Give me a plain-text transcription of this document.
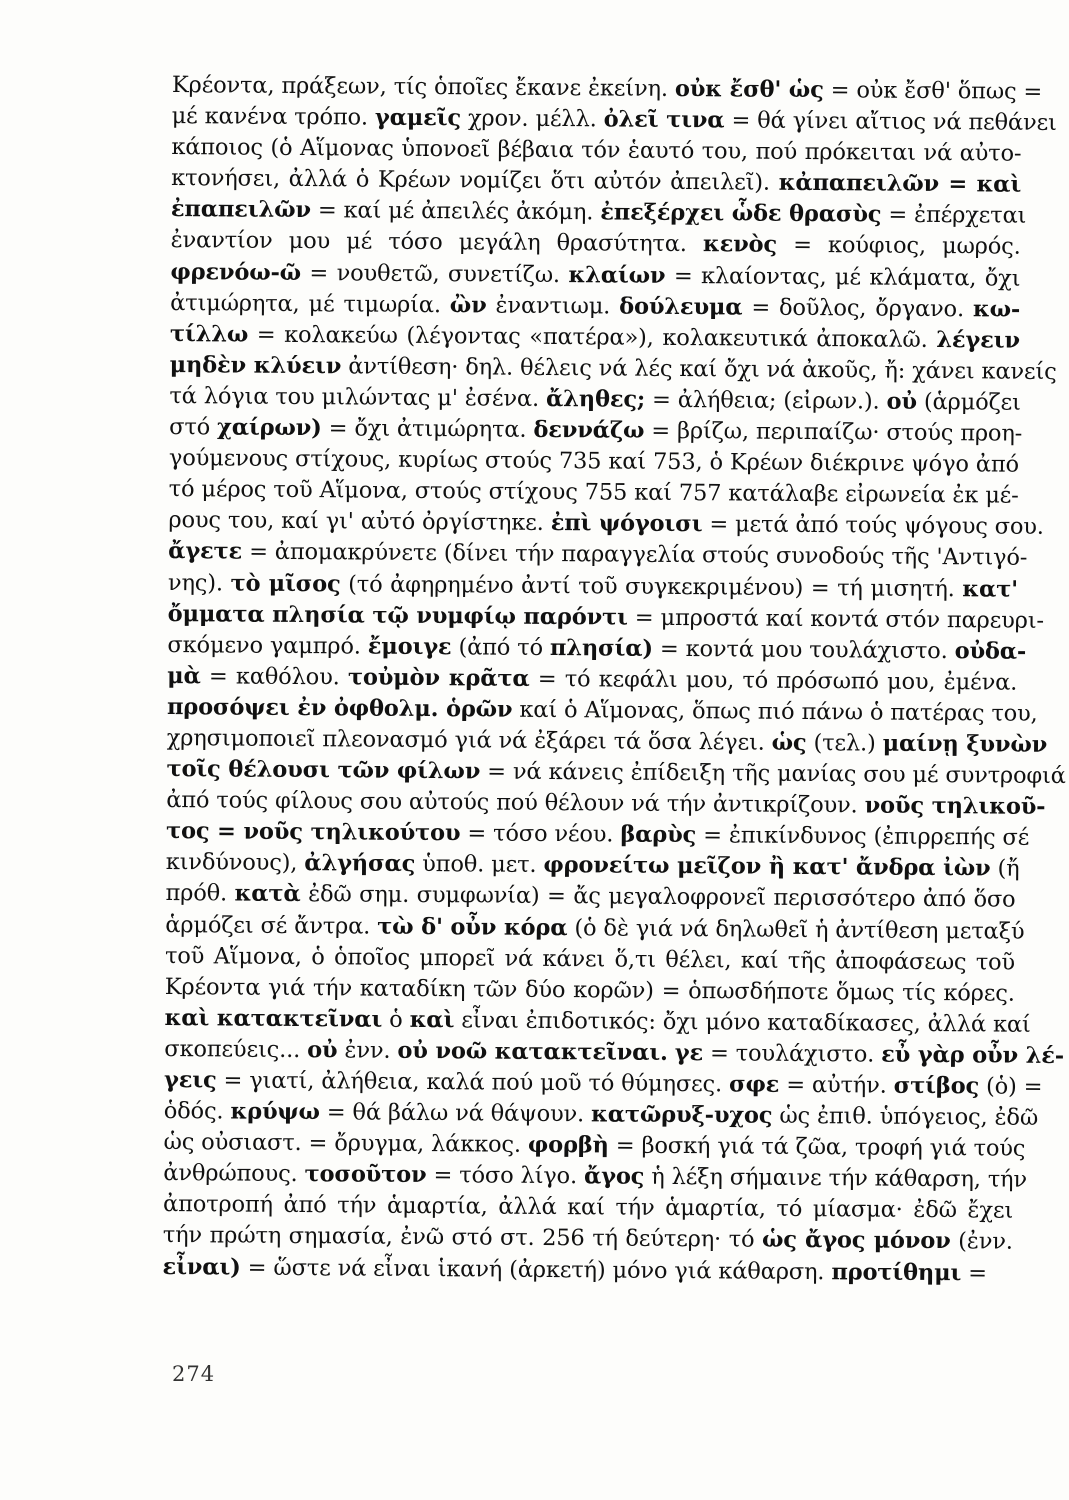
Κρέοντα, πράξεων, τίς ὁποῖες ἔκανε ἐκείνη. οὐκ ἔσθ' ὡς = οὐκ ἔσθ' ὅπως =
μέ κανένα τρόπο. γαμεῖς χρον. μέλλ. ὀλεῖ τινα = θά γίνει αἴτιος νά πεθάνει
κάποιος (ὁ Αἵμονας ὑπονοεῖ βέβαια τόν ἑαυτό του, πού πρόκειται νά αὐτο-
κτονήσει, ἀλλά ὁ Κρέων νομίζει ὅτι αὐτόν ἀπειλεῖ). κἀπαπειλῶν = καὶ
ἐπαπειλῶν = καί μέ ἀπειλές ἀκόμη. ἐπεξέρχει ὧδε θρασὺς = ἐπέρχεται
ἐναντίον μου μέ τόσο μεγάλη θρασύτητα. κενὸς = κούφιος, μωρός.
φρενόω-ῶ = νουθετῶ, συνετίζω. κλαίων = κλαίοντας, μέ κλάματα, ὄχι
ἀτιμώρητα, μέ τιμωρία. ὢν ἐναντιωμ. δούλευμα = δοῦλος, ὄργανο. κω-
τίλλω = κολακεύω (λέγοντας «πατέρα»), κολακευτικά ἀποκαλῶ. λέγειν
μηδὲν κλύειν ἀντίθεση· δηλ. θέλεις νά λές καί ὄχι νά ἀκοῦς, ἤ: χάνει κανείς
τά λόγια του μιλώντας μ' ἐσένα. ἄληθες; = ἀλήθεια; (εἰρων.). οὐ (ἁρμόζει
στό χαίρων) = ὄχι ἀτιμώρητα. δεννάζω = βρίζω, περιπαίζω· στούς προη-
γούμενους στίχους, κυρίως στούς 735 καί 753, ὁ Κρέων διέκρινε ψόγο ἀπό
τό μέρος τοῦ Αἵμονα, στούς στίχους 755 καί 757 κατάλαβε εἰρωνεία ἐκ μέ-
ρους του, καί γι' αὐτό ὀργίστηκε. ἐπὶ ψόγοισι = μετά ἀπό τούς ψόγους σου.
ἄγετε = ἀπομακρύνετε (δίνει τήν παραγγελία στούς συνοδούς τῆς 'Αντιγό-
νης). τὸ μῖσος (τό ἀφηρημένο ἀντί τοῦ συγκεκριμένου) = τή μισητή. κατ'
ὄμματα πλησία τῷ νυμφίῳ παρόντι = μπροστά καί κοντά στόν παρευρι-
σκόμενο γαμπρό. ἔμοιγε (ἀπό τό πλησία) = κοντά μου τουλάχιστο. οὐδα-
μὰ = καθόλου. τοὐμὸν κρᾶτα = τό κεφάλι μου, τό πρόσωπό μου, ἐμένα.
προσόψει ἐν ὀφθολμ. ὁρῶν καί ὁ Αἵμονας, ὅπως πιό πάνω ὁ πατέρας του,
χρησιμοποιεῖ πλεονασμό γιά νά ἐξάρει τά ὅσα λέγει. ὡς (τελ.) μαίνῃ ξυνὼν
τοῖς θέλουσι τῶν φίλων = νά κάνεις ἐπίδειξη τῆς μανίας σου μέ συντροφιά
ἀπό τούς φίλους σου αὐτούς πού θέλουν νά τήν ἀντικρίζουν. νοῦς τηλικοῦ-
τος = νοῦς τηλικούτου = τόσο νέου. βαρὺς = ἐπικίνδυνος (ἐπιρρεπής σέ
κινδύνους), ἀλγήσας ὑποθ. μετ. φρονείτω μεῖζον ἢ κατ' ἄνδρα ἰὼν (ἤ
πρόθ. κατὰ ἐδῶ σημ. συμφωνία) = ἄς μεγαλοφρονεῖ περισσότερο ἀπό ὅσο
ἁρμόζει σέ ἄντρα. τὼ δ' οὖν κόρα (ὁ δὲ γιά νά δηλωθεῖ ἡ ἀντίθεση μεταξύ
τοῦ Αἵμονα, ὁ ὁποῖος μπορεῖ νά κάνει ὅ,τι θέλει, καί τῆς ἀποφάσεως τοῦ
Κρέοντα γιά τήν καταδίκη τῶν δύο κορῶν) = ὁπωσδήποτε ὅμως τίς κόρες.
καὶ κατακτεῖναι ὁ καὶ εἶναι ἐπιδοτικός: ὄχι μόνο καταδίκασες, ἀλλά καί
σκοπεύεις... οὐ ἐνν. οὐ νοῶ κατακτεῖναι. γε = τουλάχιστο. εὖ γὰρ οὖν λέ-
γεις = γιατί, ἀλήθεια, καλά πού μοῦ τό θύμησες. σφε = αὐτήν. στίβος (ὁ) =
ὁδός. κρύψω = θά βάλω νά θάψουν. κατῶρυξ-υχος ὡς ἐπιθ. ὑπόγειος, ἐδῶ
ὡς οὐσιαστ. = ὄρυγμα, λάκκος. φορβὴ = βοσκή γιά τά ζῶα, τροφή γιά τούς
ἀνθρώπους. τοσοῦτον = τόσο λίγο. ἄγος ἡ λέξη σήμαινε τήν κάθαρση, τήν
ἀποτροπή ἀπό τήν ἁμαρτία, ἀλλά καί τήν ἁμαρτία, τό μίασμα· ἐδῶ ἔχει
τήν πρώτη σημασία, ἐνῶ στό στ. 256 τή δεύτερη· τό ὡς ἄγος μόνον (ἐνν.
εἶναι) = ὥστε νά εἶναι ἱκανή (ἀρκετή) μόνο γιά κάθαρση. προτίθημι =
274
